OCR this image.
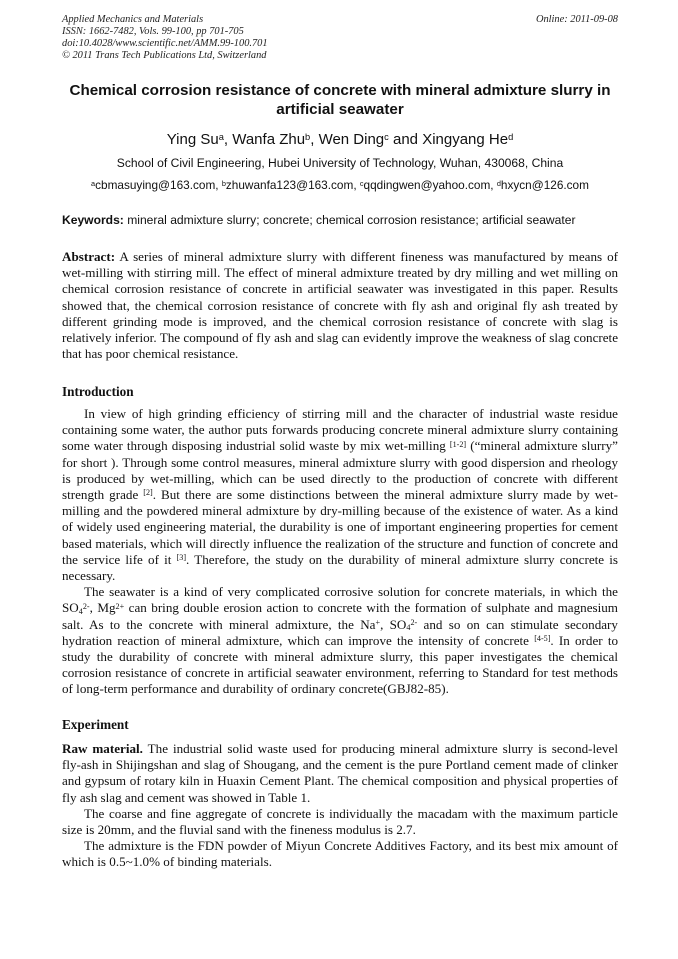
Applied Mechanics and Materials	Online: 2011-09-08
ISSN: 1662-7482, Vols. 99-100, pp 701-705
doi:10.4028/www.scientific.net/AMM.99-100.701
© 2011 Trans Tech Publications Ltd, Switzerland
Chemical corrosion resistance of concrete with mineral admixture slurry in artificial seawater
Ying Su$^a$, Wanfa Zhu$^b$, Wen Ding$^c$ and Xingyang He$^d$
School of Civil Engineering, Hubei University of Technology, Wuhan, 430068, China
$^a$cbmasuying@163.com, $^b$zhuwanfa123@163.com, $^c$qqdingwen@yahoo.com, $^d$hxycn@126.com
Keywords: mineral admixture slurry; concrete; chemical corrosion resistance; artificial seawater

Abstract: A series of mineral admixture slurry with different fineness was manufactured by means of wet-milling with stirring mill. The effect of mineral admixture treated by dry milling and wet milling on chemical corrosion resistance of concrete in artificial seawater was investigated in this paper. Results showed that, the chemical corrosion resistance of concrete with fly ash and original fly ash treated by different grinding mode is improved, and the chemical corrosion resistance of concrete with slag is relatively inferior. The compound of fly ash and slag can evidently improve the weakness of slag concrete that has poor chemical resistance.

Introduction

In view of high grinding efficiency of stirring mill and the character of industrial waste residue containing some water, the author puts forwards producing concrete mineral admixture slurry containing some water through disposing industrial solid waste by mix wet-milling [1-2] (“mineral admixture slurry” for short ). Through some control measures, mineral admixture slurry with good dispersion and rheology is produced by wet-milling, which can be used directly to the production of concrete with different strength grade [2]. But there are some distinctions between the mineral admixture slurry made by wet-milling and the powdered mineral admixture by dry-milling because of the existence of water. As a kind of widely used engineering material, the durability is one of important engineering properties for cement based materials, which will directly influence the realization of the structure and function of concrete and the service life of it [3]. Therefore, the study on the durability of mineral admixture slurry concrete is necessary.

The seawater is a kind of very complicated corrosive solution for concrete materials, in which the $SO_4^{2-}$, $Mg^{2+}$ can bring double erosion action to concrete with the formation of sulphate and magnesium salt. As to the concrete with mineral admixture, the Na+, $SO_4^{2-}$ and so on can stimulate secondary hydration reaction of mineral admixture, which can improve the intensity of concrete [4-5]. In order to study the durability of concrete with mineral admixture slurry, this paper investigates the chemical corrosion resistance of concrete in artificial seawater environment, referring to Standard for test methods of long-term performance and durability of ordinary concrete(GBJ82-85).

Experiment

Raw material. The industrial solid waste used for producing mineral admixture slurry is second-level fly-ash in Shijingshan and slag of Shougang, and the cement is the pure Portland cement made of clinker and gypsum of rotary kiln in Huaxin Cement Plant. The chemical composition and physical properties of fly ash slag and cement was showed in Table 1.

The coarse and fine aggregate of concrete is individually the macadam with the maximum particle size is 20mm, and the fluvial sand with the fineness modulus is 2.7.

The admixture is the FDN powder of Miyun Concrete Additives Factory, and its best mix amount of which is 0.5~1.0% of binding materials.
